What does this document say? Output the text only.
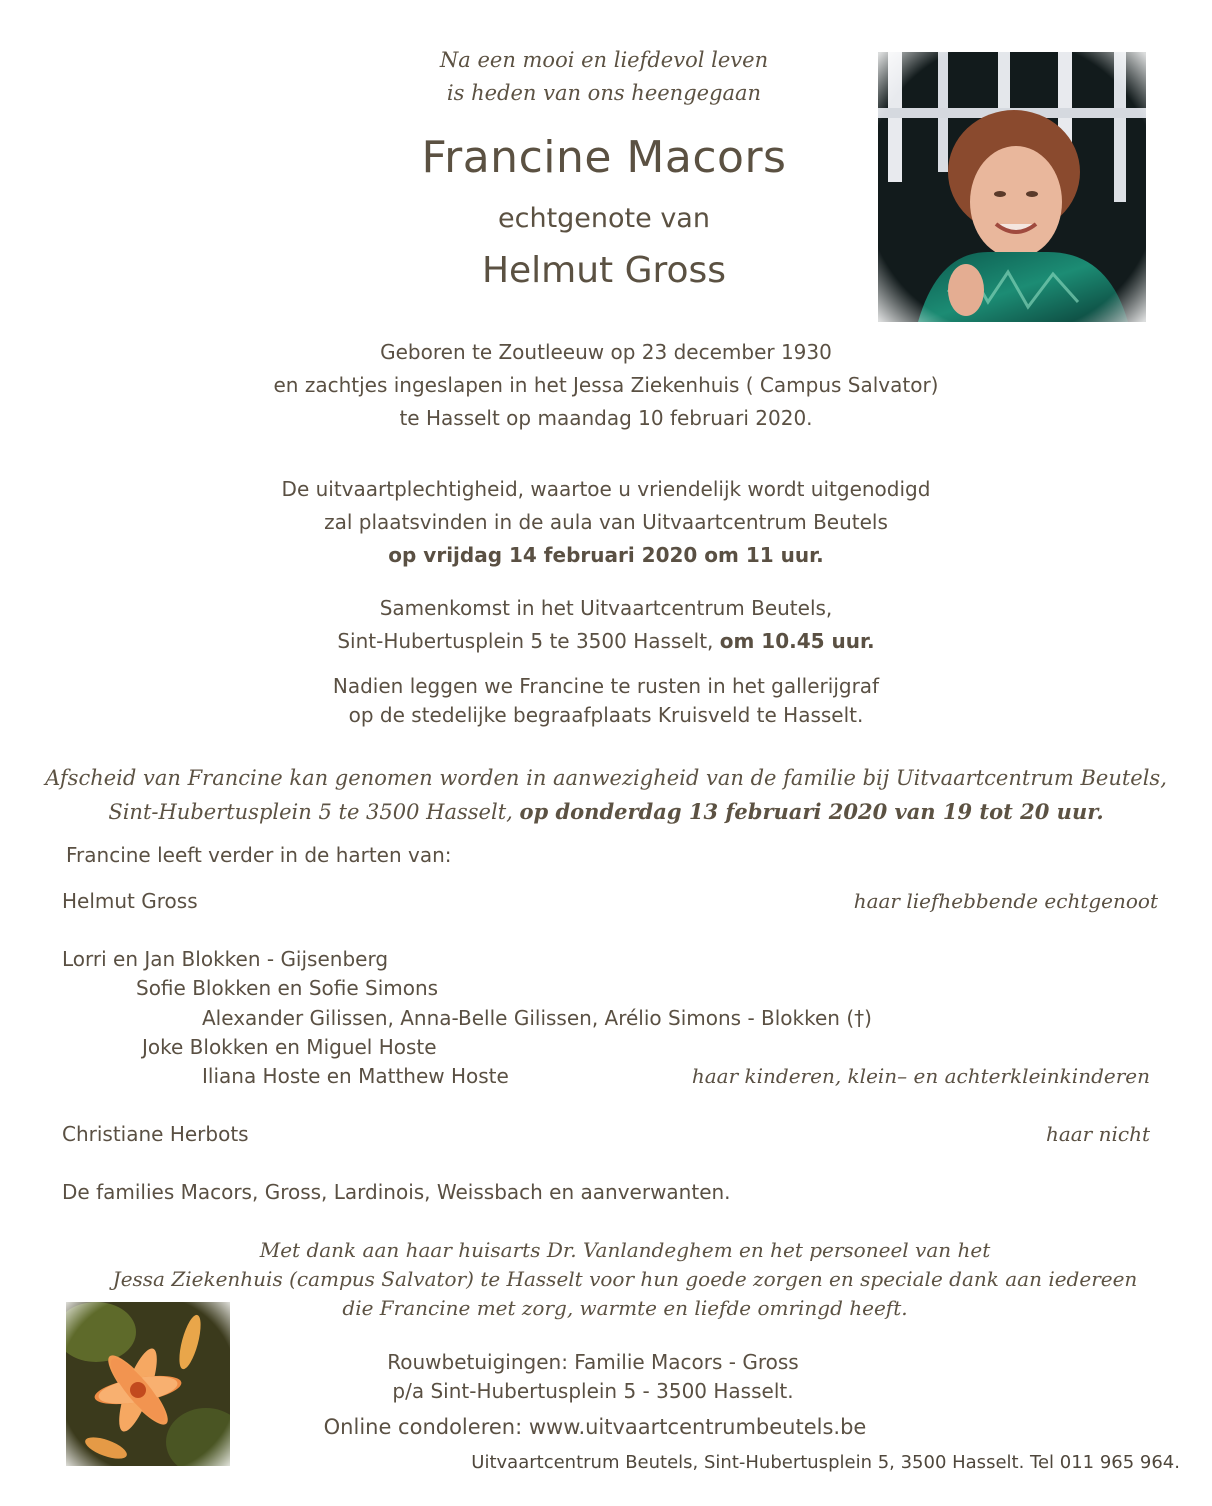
Na een mooi en liefdevol leven
is heden van ons heengegaan
Francine Macors
echtgenote van
Helmut Gross
Geboren te Zoutleeuw op 23 december 1930
en zachtjes ingeslapen in het Jessa Ziekenhuis ( Campus Salvator)
te Hasselt op maandag 10 februari 2020.
De uitvaartplechtigheid, waartoe u vriendelijk wordt uitgenodigd
zal plaatsvinden in de aula van Uitvaartcentrum Beutels
op vrijdag 14 februari 2020 om 11 uur.
Samenkomst in het Uitvaartcentrum Beutels,
Sint-Hubertusplein 5 te 3500 Hasselt, om 10.45 uur.
Nadien leggen we Francine te rusten in het gallerijgraf
op de stedelijke begraafplaats Kruisveld te Hasselt.
Afscheid van Francine kan genomen worden in aanwezigheid van de familie bij Uitvaartcentrum Beutels,
Sint-Hubertusplein 5 te 3500 Hasselt, op donderdag 13 februari 2020 van 19 tot 20 uur.
Francine leeft verder in de harten van:
Helmut Gross	haar liefhebbende echtgenoot
Lorri en Jan Blokken - Gijsenberg
Sofie Blokken en Sofie Simons
Alexander Gilissen, Anna-Belle Gilissen, Arélio Simons - Blokken (†)
Joke Blokken en Miguel Hoste
Iliana Hoste en Matthew Hoste	haar kinderen, klein– en achterkleinkinderen
Christiane Herbots	haar nicht
De families Macors, Gross, Lardinois, Weissbach en aanverwanten.
Met dank aan haar huisarts Dr. Vanlandeghem en het personeel van het
Jessa Ziekenhuis (campus Salvator) te Hasselt voor hun goede zorgen en speciale dank aan iedereen
die Francine met zorg, warmte en liefde omringd heeft.
Rouwbetuigingen: Familie Macors - Gross
p/a Sint-Hubertusplein 5 - 3500 Hasselt.
Online condoleren: www.uitvaartcentrumbeutels.be
Uitvaartcentrum Beutels, Sint-Hubertusplein 5, 3500 Hasselt. Tel 011 965 964.
